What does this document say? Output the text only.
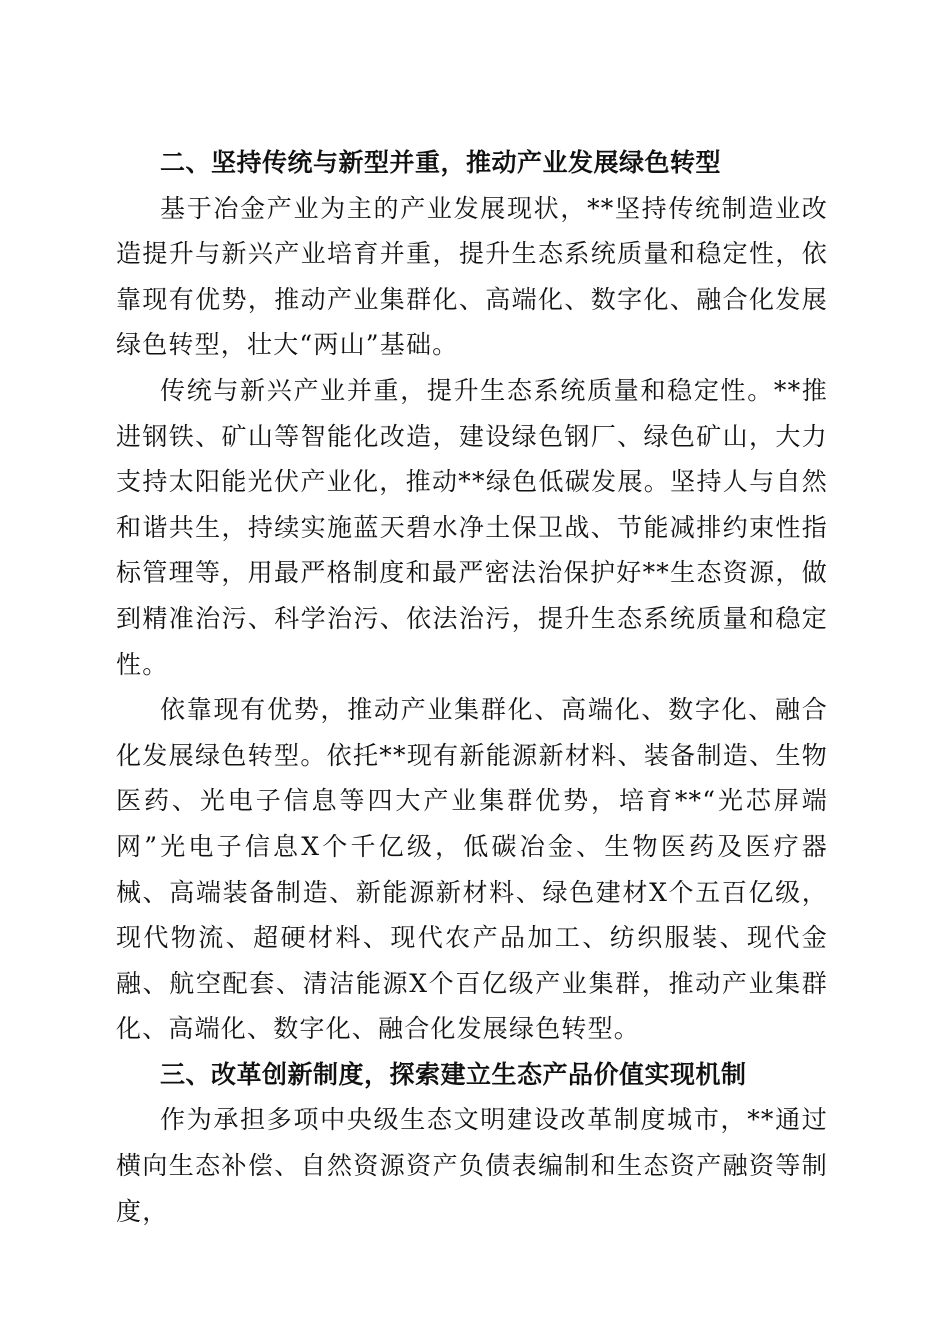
二、坚持传统与新型并重，推动产业发展绿色转型

基于冶金产业为主的产业发展现状，**坚持传统制造业改造提升与新兴产业培育并重，提升生态系统质量和稳定性，依靠现有优势，推动产业集群化、高端化、数字化、融合化发展绿色转型，壮大“两山”基础。

传统与新兴产业并重，提升生态系统质量和稳定性。**推进钢铁、矿山等智能化改造，建设绿色钢厂、绿色矿山，大力支持太阳能光伏产业化，推动**绿色低碳发展。坚持人与自然和谐共生，持续实施蓝天碧水净土保卫战、节能减排约束性指标管理等，用最严格制度和最严密法治保护好**生态资源，做到精准治污、科学治污、依法治污，提升生态系统质量和稳定性。

依靠现有优势，推动产业集群化、高端化、数字化、融合化发展绿色转型。依托**现有新能源新材料、装备制造、生物医药、光电子信息等四大产业集群优势，培育**“光芯屏端网”光电子信息X个千亿级，低碳冶金、生物医药及医疗器械、高端装备制造、新能源新材料、绿色建材X个五百亿级，现代物流、超硬材料、现代农产品加工、纺织服装、现代金融、航空配套、清洁能源X个百亿级产业集群，推动产业集群化、高端化、数字化、融合化发展绿色转型。

三、改革创新制度，探索建立生态产品价值实现机制

作为承担多项中央级生态文明建设改革制度城市，**通过横向生态补偿、自然资源资产负债表编制和生态资产融资等制度，
